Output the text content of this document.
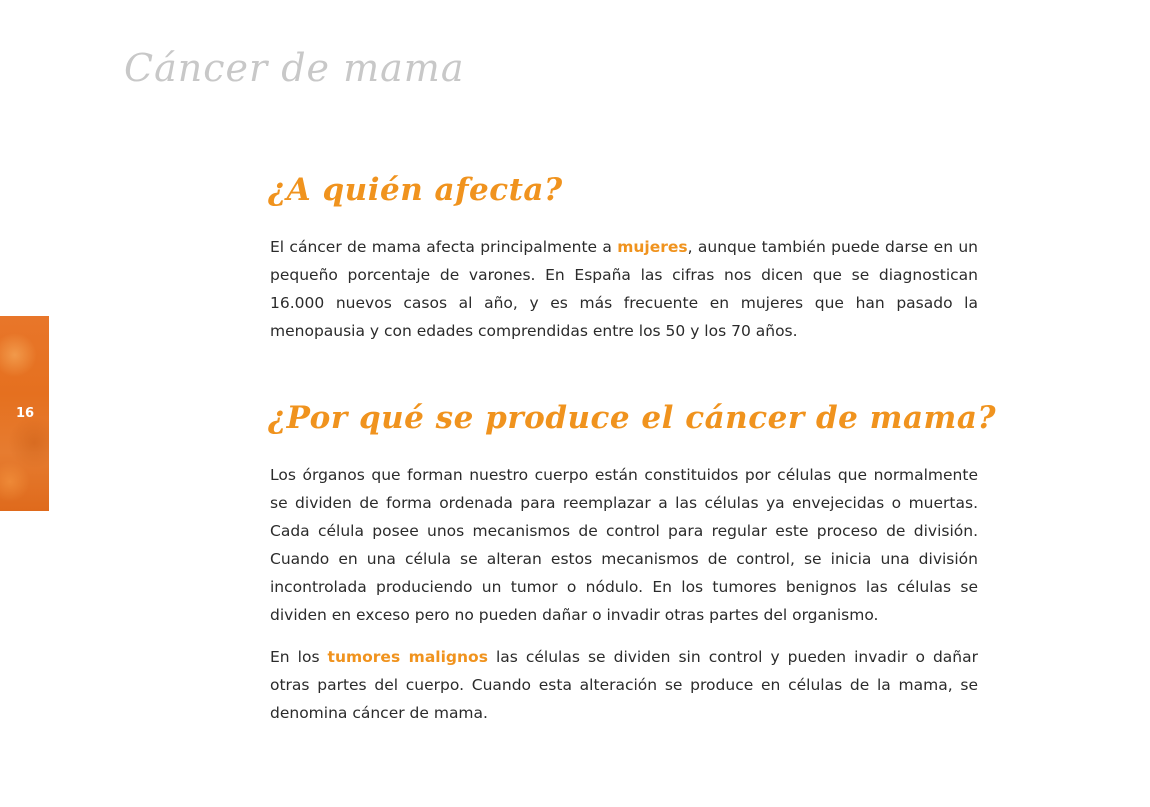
Cáncer de mama
16
¿A quién afecta?

El cáncer de mama afecta principalmente a mujeres, aunque también puede darse en un pequeño porcentaje de varones. En España las cifras nos dicen que se diagnostican 16.000 nuevos casos al año, y es más frecuente en mujeres que han pasado la menopausia y con edades comprendidas entre los 50 y los 70 años.

¿Por qué se produce el cáncer de mama?

Los órganos que forman nuestro cuerpo están constituidos por células que normalmente se dividen de forma ordenada para reemplazar a las células ya envejecidas o muertas. Cada célula posee unos mecanismos de control para regular este proceso de división. Cuando en una célula se alteran estos mecanismos de control, se inicia una división incontrolada produciendo un tumor o nódulo. En los tumores benignos las células se dividen en exceso pero no pueden dañar o invadir otras partes del organismo.

En los tumores malignos las células se dividen sin control y pueden invadir o dañar otras partes del cuerpo. Cuando esta alteración se produce en células de la mama, se denomina cáncer de mama.
